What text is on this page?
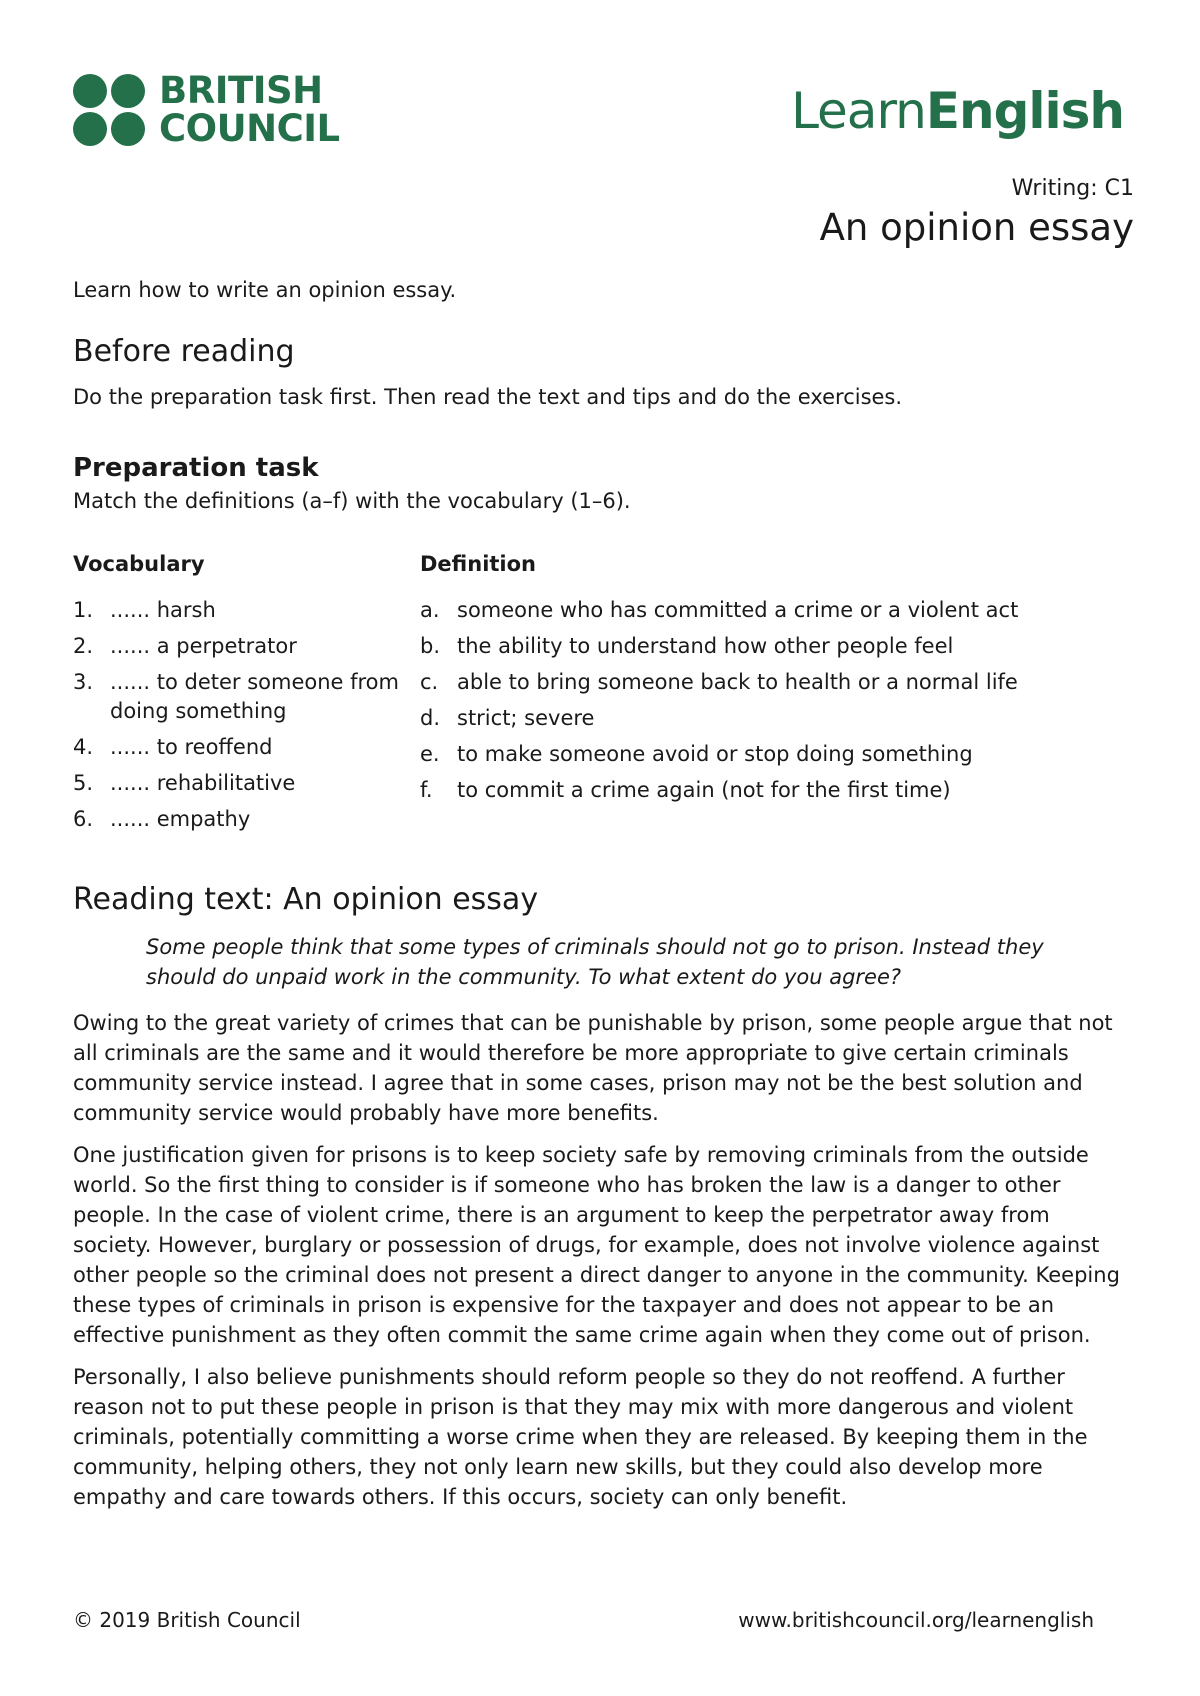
BRITISH
COUNCIL	LearnEnglish
Writing: C1
An opinion essay
Learn how to write an opinion essay.
Before reading
Do the preparation task first. Then read the text and tips and do the exercises.
Preparation task
Match the definitions (a–f) with the vocabulary (1–6).
Vocabulary	Definition
1. ...... harsh
2. ...... a perpetrator
3. ...... to deter someone from doing something
4. ...... to reoffend
5. ...... rehabilitative
6. ...... empathy
a. someone who has committed a crime or a violent act
b. the ability to understand how other people feel
c. able to bring someone back to health or a normal life
d. strict; severe
e. to make someone avoid or stop doing something
f. to commit a crime again (not for the first time)
Reading text: An opinion essay
Some people think that some types of criminals should not go to prison. Instead they should do unpaid work in the community. To what extent do you agree?

Owing to the great variety of crimes that can be punishable by prison, some people argue that not all criminals are the same and it would therefore be more appropriate to give certain criminals community service instead. I agree that in some cases, prison may not be the best solution and community service would probably have more benefits.

One justification given for prisons is to keep society safe by removing criminals from the outside world. So the first thing to consider is if someone who has broken the law is a danger to other people. In the case of violent crime, there is an argument to keep the perpetrator away from society. However, burglary or possession of drugs, for example, does not involve violence against other people so the criminal does not present a direct danger to anyone in the community. Keeping these types of criminals in prison is expensive for the taxpayer and does not appear to be an effective punishment as they often commit the same crime again when they come out of prison.

Personally, I also believe punishments should reform people so they do not reoffend. A further reason not to put these people in prison is that they may mix with more dangerous and violent criminals, potentially committing a worse crime when they are released. By keeping them in the community, helping others, they not only learn new skills, but they could also develop more empathy and care towards others. If this occurs, society can only benefit.

© 2019 British Council	www.britishcouncil.org/learnenglish
